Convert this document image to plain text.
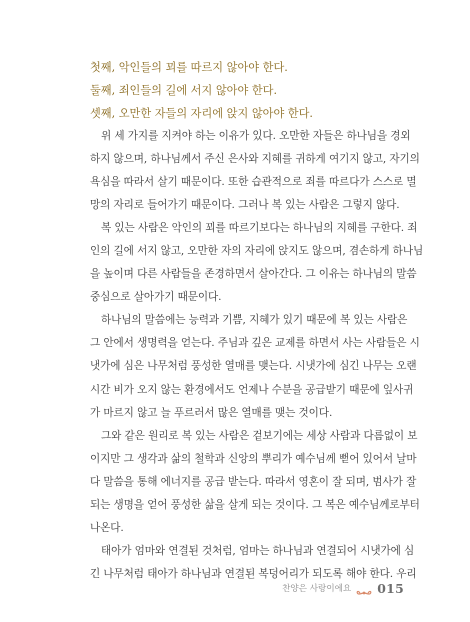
첫째, 악인들의 꾀를 따르지 않아야 한다.
둘째, 죄인들의 길에 서지 않아야 한다.
셋째, 오만한 자들의 자리에 앉지 않아야 한다.

위 세 가지를 지켜야 하는 이유가 있다. 오만한 자들은 하나님을 경외
하지 않으며, 하나님께서 주신 은사와 지혜를 귀하게 여기지 않고, 자기의
욕심을 따라서 살기 때문이다. 또한 습관적으로 죄를 따르다가 스스로 멸
망의 자리로 들어가기 때문이다. 그러나 복 있는 사람은 그렇지 않다.

복 있는 사람은 악인의 꾀를 따르기보다는 하나님의 지혜를 구한다. 죄
인의 길에 서지 않고, 오만한 자의 자리에 앉지도 않으며, 겸손하게 하나님
을 높이며 다른 사람들을 존경하면서 살아간다. 그 이유는 하나님의 말씀
중심으로 살아가기 때문이다.

하나님의 말씀에는 능력과 기쁨, 지혜가 있기 때문에 복 있는 사람은
그 안에서 생명력을 얻는다. 주님과 깊은 교제를 하면서 사는 사람들은 시
냇가에 심은 나무처럼 풍성한 열매를 맺는다. 시냇가에 심긴 나무는 오랜
시간 비가 오지 않는 환경에서도 언제나 수분을 공급받기 때문에 잎사귀
가 마르지 않고 늘 푸르러서 많은 열매를 맺는 것이다.

그와 같은 원리로 복 있는 사람은 겉보기에는 세상 사람과 다름없이 보
이지만 그 생각과 삶의 철학과 신앙의 뿌리가 예수님께 뻗어 있어서 날마
다 말씀을 통해 에너지를 공급 받는다. 따라서 영혼이 잘 되며, 범사가 잘
되는 생명을 얻어 풍성한 삶을 살게 되는 것이다. 그 복은 예수님께로부터
나온다.

태아가 엄마와 연결된 것처럼, 엄마는 하나님과 연결되어 시냇가에 심
긴 나무처럼 태아가 하나님과 연결된 복덩어리가 되도록 해야 한다. 우리

찬양은 사랑이에요 015
